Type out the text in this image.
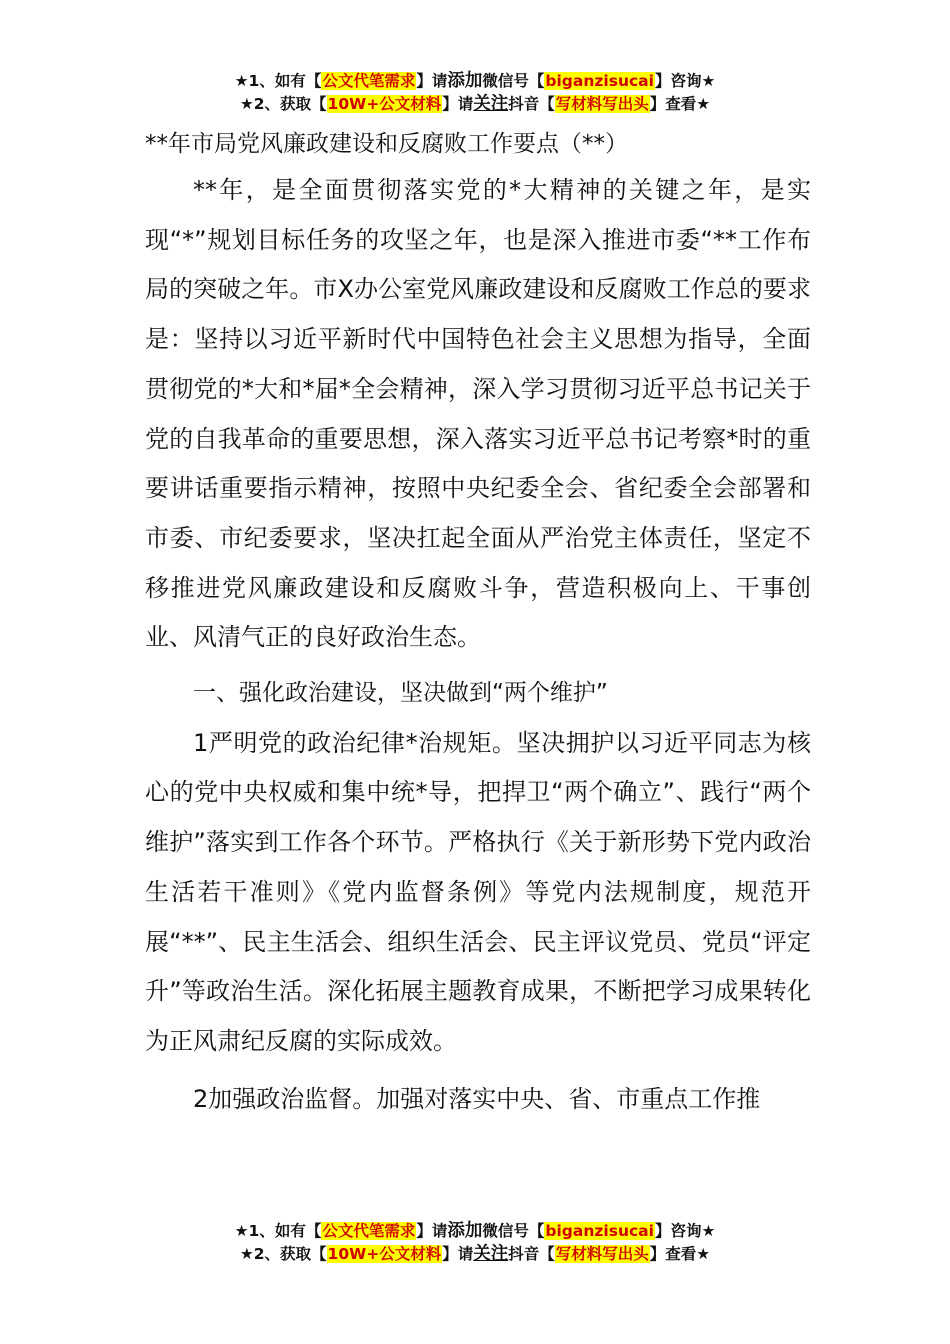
★1、如有【公文代笔需求】请添加微信号【biganzisucai】咨询★
★2、获取【10W+公文材料】请关注抖音【写材料写出头】查看★
**年市局党风廉政建设和反腐败工作要点（**）

**年，是全面贯彻落实党的*大精神的关键之年，是实现“*”规划目标任务的攻坚之年，也是深入推进市委“**工作布局的突破之年。市X办公室党风廉政建设和反腐败工作总的要求是：坚持以习近平新时代中国特色社会主义思想为指导，全面贯彻党的*大和*届*全会精神，深入学习贯彻习近平总书记关于党的自我革命的重要思想，深入落实习近平总书记考察*时的重要讲话重要指示精神，按照中央纪委全会、省纪委全会部署和市委、市纪委要求，坚决扛起全面从严治党主体责任，坚定不移推进党风廉政建设和反腐败斗争，营造积极向上、干事创业、风清气正的良好政治生态。

一、强化政治建设，坚决做到“两个维护”

1严明党的政治纪律*治规矩。坚决拥护以习近平同志为核心的党中央权威和集中统*导，把捍卫“两个确立”、践行“两个维护”落实到工作各个环节。严格执行《关于新形势下党内政治生活若干准则》《党内监督条例》等党内法规制度，规范开展“**”、民主生活会、组织生活会、民主评议党员、党员“评定升”等政治生活。深化拓展主题教育成果，不断把学习成果转化为正风肃纪反腐的实际成效。

2加强政治监督。加强对落实中央、省、市重点工作推

★1、如有【公文代笔需求】请添加微信号【biganzisucai】咨询★
★2、获取【10W+公文材料】请关注抖音【写材料写出头】查看★
